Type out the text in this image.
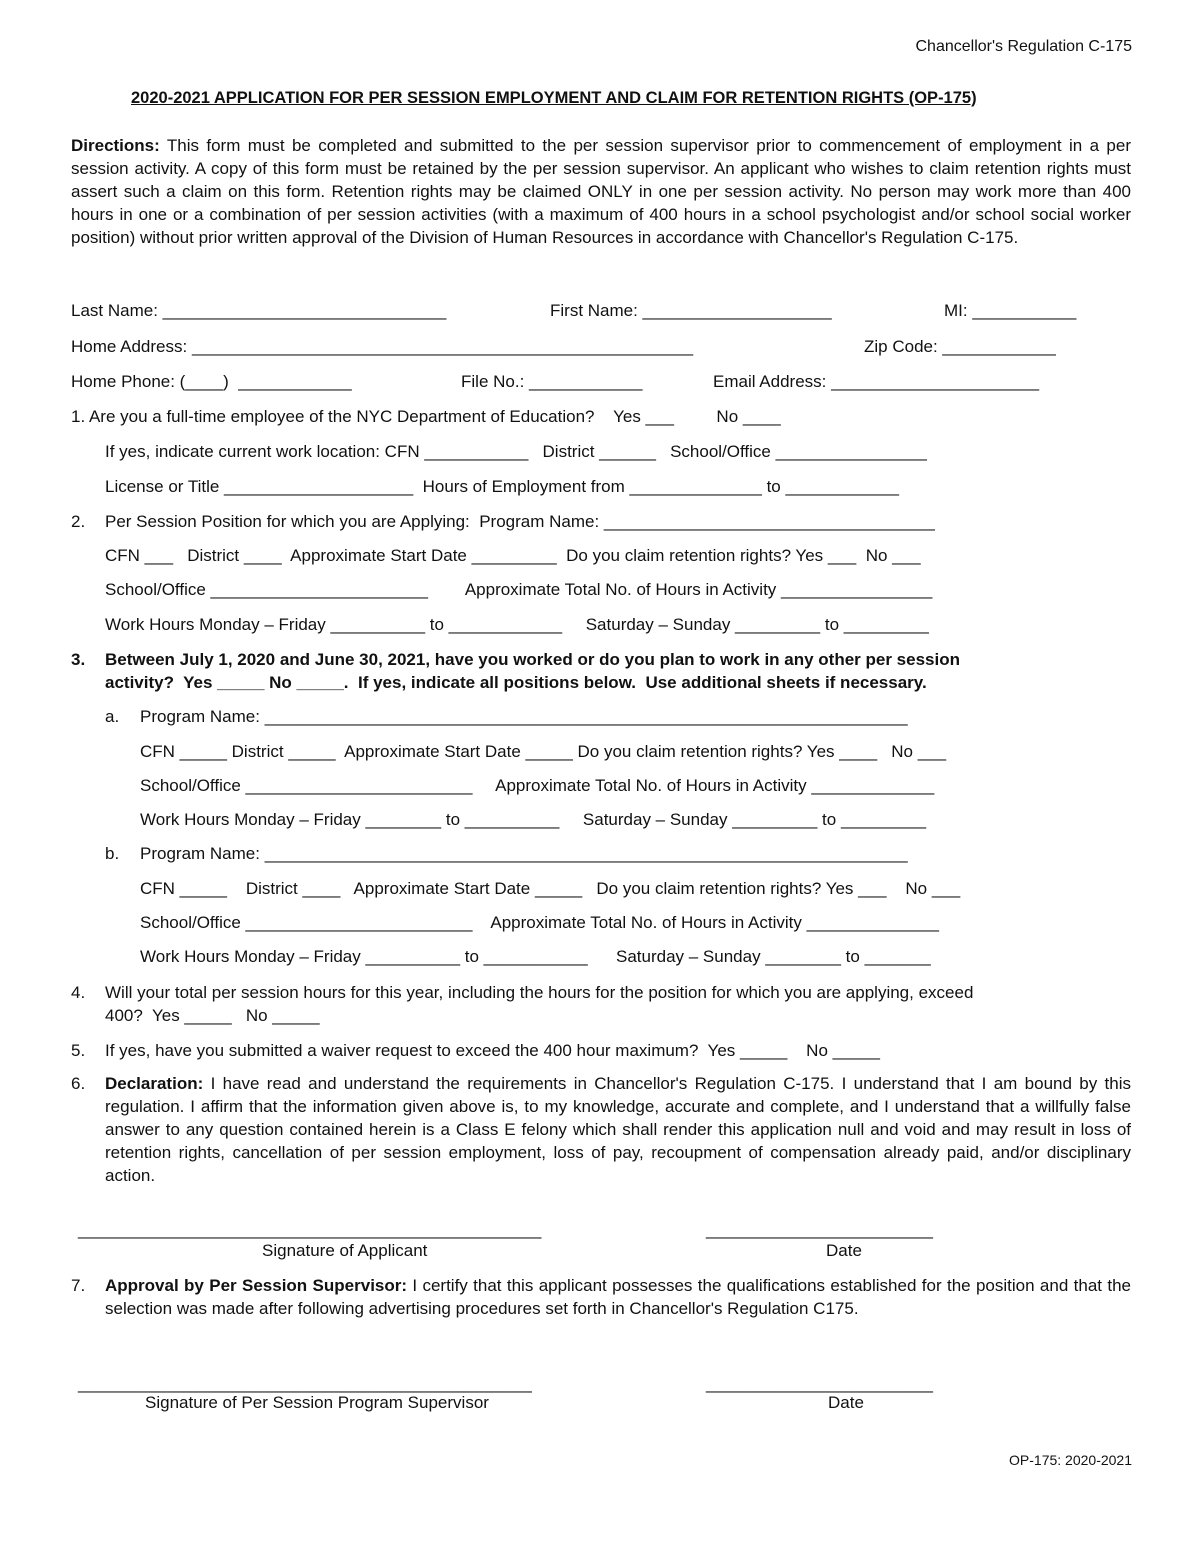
Chancellor's Regulation C-175
2020-2021 APPLICATION FOR PER SESSION EMPLOYMENT AND CLAIM FOR RETENTION RIGHTS (OP-175)
Directions: This form must be completed and submitted to the per session supervisor prior to commencement of employment in a per session activity. A copy of this form must be retained by the per session supervisor. An applicant who wishes to claim retention rights must assert such a claim on this form. Retention rights may be claimed ONLY in one per session activity. No person may work more than 400 hours in one or a combination of per session activities (with a maximum of 400 hours in a school psychologist and/or school social worker position) without prior written approval of the Division of Human Resources in accordance with Chancellor's Regulation C-175.
Last Name: ______________________________	First Name: ____________________	MI: ___________
Home Address: _____________________________________________________	Zip Code: ____________
Home Phone: (____)  ____________	File No.: ____________	Email Address: ______________________
1. Are you a full-time employee of the NYC Department of Education?    Yes ___         No ____
If yes, indicate current work location: CFN ___________   District ______   School/Office ________________
License or Title ____________________  Hours of Employment from ______________ to ____________
2. Per Session Position for which you are Applying:  Program Name: ___________________________________
CFN ___   District ____  Approximate Start Date _________  Do you claim retention rights? Yes ___  No ___
School/Office _______________________        Approximate Total No. of Hours in Activity ________________
Work Hours Monday – Friday __________ to ____________     Saturday – Sunday _________ to _________
3. Between July 1, 2020 and June 30, 2021, have you worked or do you plan to work in any other per session
activity?  Yes _____ No _____.  If yes, indicate all positions below.  Use additional sheets if necessary.
a. Program Name: ____________________________________________________________________
CFN _____ District _____  Approximate Start Date _____ Do you claim retention rights? Yes ____   No ___
School/Office ________________________     Approximate Total No. of Hours in Activity _____________
Work Hours Monday – Friday ________ to __________     Saturday – Sunday _________ to _________
b. Program Name: ____________________________________________________________________
CFN _____    District ____   Approximate Start Date _____   Do you claim retention rights? Yes ___    No ___
School/Office ________________________    Approximate Total No. of Hours in Activity ______________
Work Hours Monday – Friday __________ to ___________      Saturday – Sunday ________ to _______
4. Will your total per session hours for this year, including the hours for the position for which you are applying, exceed
400?  Yes _____   No _____
5. If yes, have you submitted a waiver request to exceed the 400 hour maximum?  Yes _____    No _____
6. Declaration: I have read and understand the requirements in Chancellor's Regulation C-175. I understand that I am bound by this regulation. I affirm that the information given above is, to my knowledge, accurate and complete, and I understand that a willfully false answer to any question contained herein is a Class E felony which shall render this application null and void and may result in loss of retention rights, cancellation of per session employment, loss of pay, recoupment of compensation already paid, and/or disciplinary action.
_________________________________________________	________________________
Signature of Applicant	Date
7. Approval by Per Session Supervisor: I certify that this applicant possesses the qualifications established for the position and that the selection was made after following advertising procedures set forth in Chancellor's Regulation C175.
________________________________________________	________________________
Signature of Per Session Program Supervisor	Date
OP-175: 2020-2021
